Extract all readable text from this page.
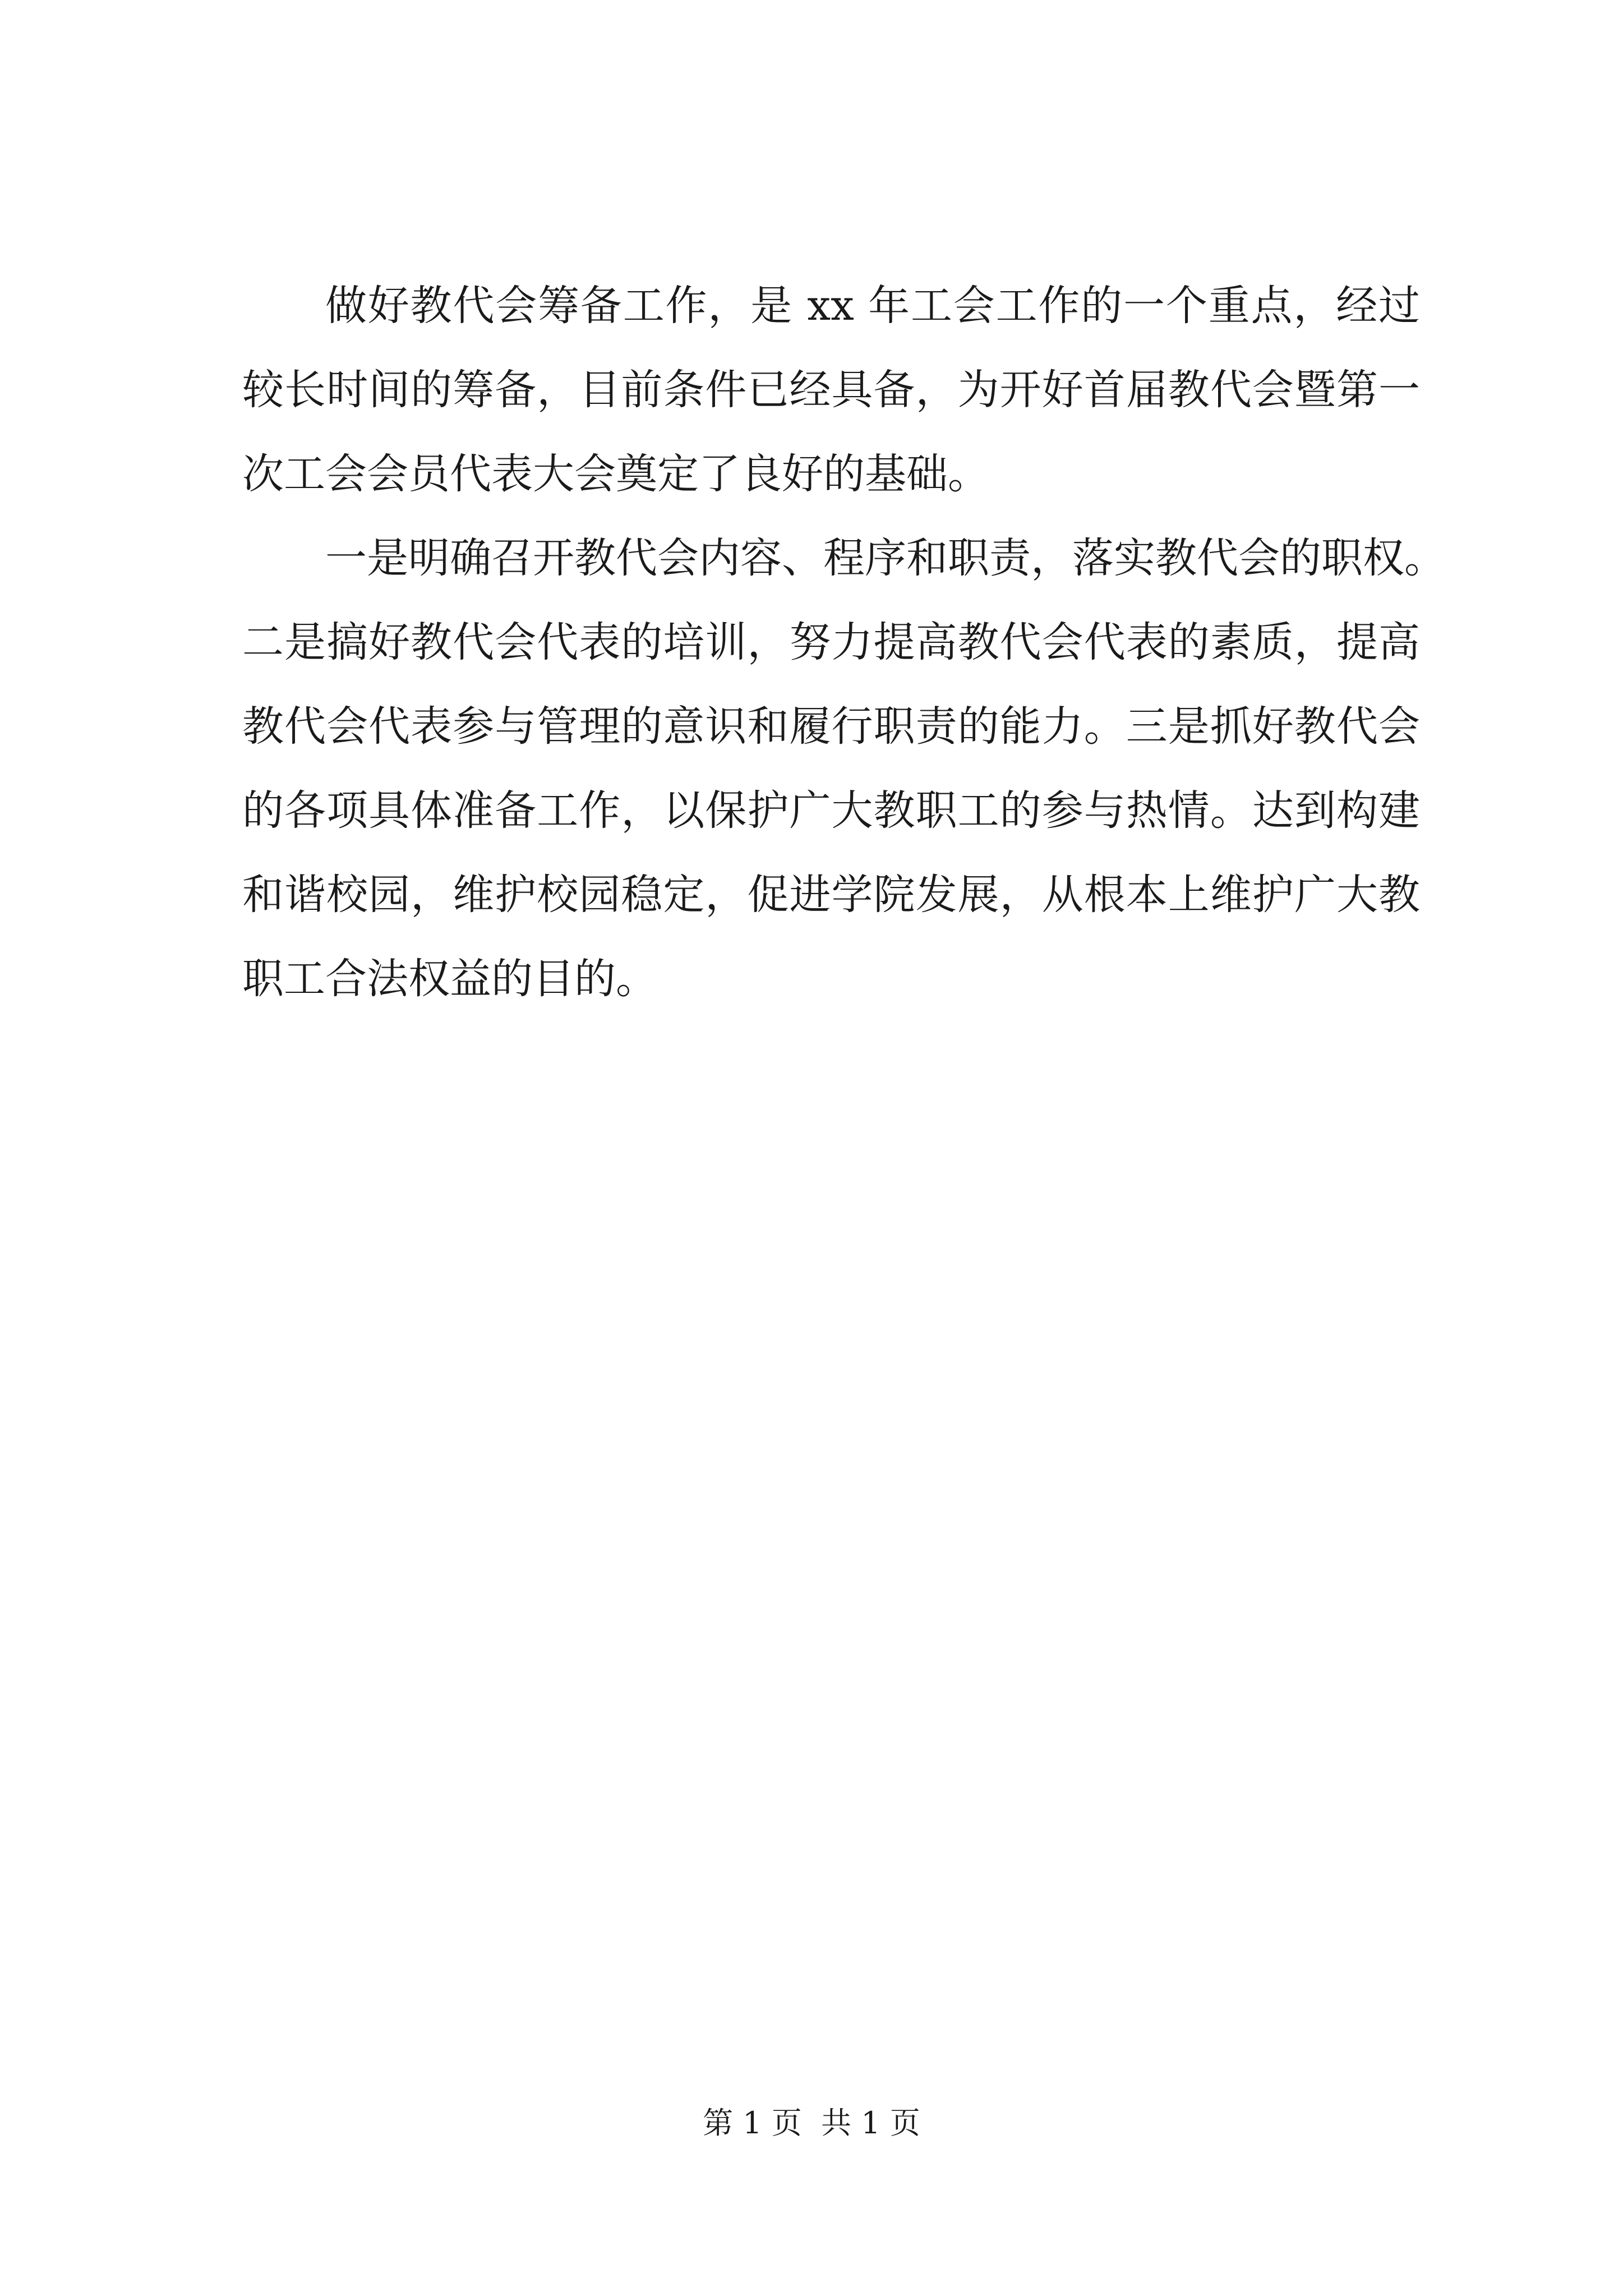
做好教代会筹备工作，是 xx 年工会工作的一个重点，经过
较长时间的筹备，目前条件已经具备，为开好首届教代会暨第一
次工会会员代表大会奠定了良好的基础。
一是明确召开教代会内容、程序和职责，落实教代会的职权。
二是搞好教代会代表的培训，努力提高教代会代表的素质，提高
教代会代表参与管理的意识和履行职责的能力。三是抓好教代会
的各项具体准备工作，以保护广大教职工的参与热情。达到构建
和谐校园，维护校园稳定，促进学院发展，从根本上维护广大教
职工合法权益的目的。
第 1 页  共 1 页
